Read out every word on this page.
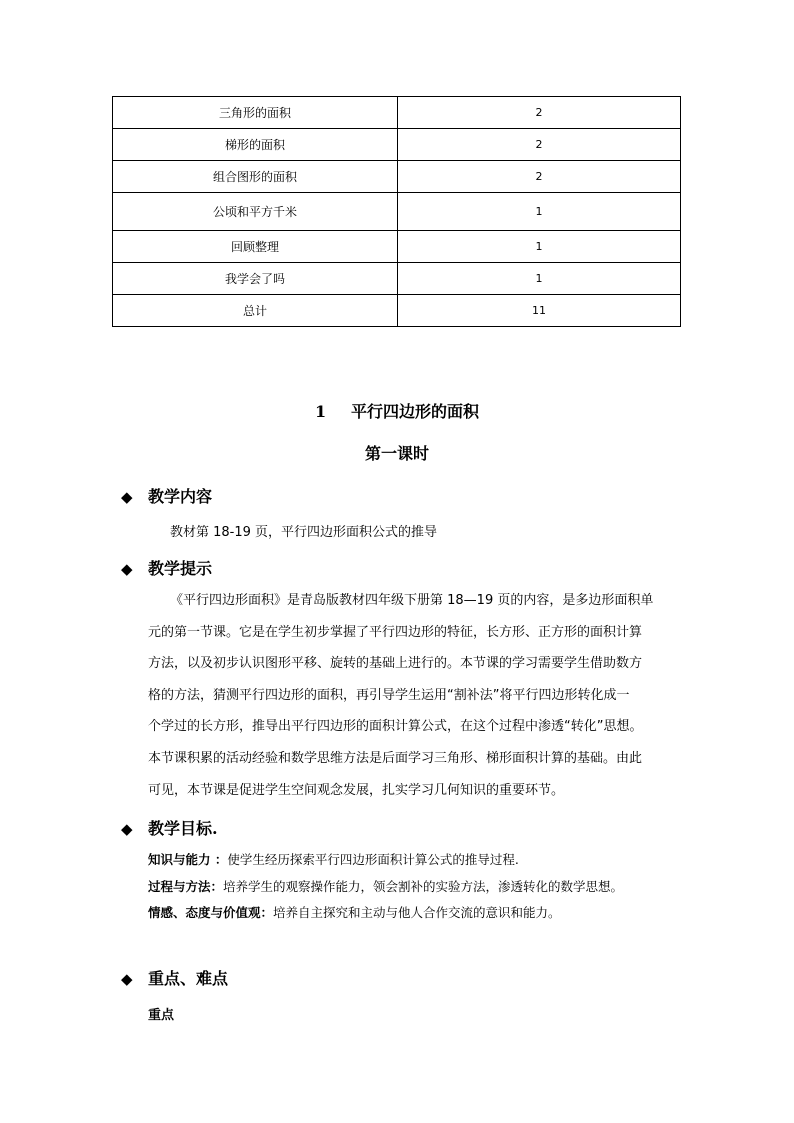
三角形的面积	2
梯形的面积	2
组合图形的面积	2
公顷和平方千米	1
回顾整理	1
我学会了吗	1
总计	11
1 平行四边形的面积
第一课时
◆ 教学内容
教材第 18-19 页，平行四边形面积公式的推导
◆ 教学提示
《平行四边形面积》是青岛版教材四年级下册第 18—19 页的内容，是多边形面积单
元的第一节课。它是在学生初步掌握了平行四边形的特征，长方形、正方形的面积计算
方法，以及初步认识图形平移、旋转的基础上进行的。本节课的学习需要学生借助数方
格的方法，猜测平行四边形的面积，再引导学生运用“割补法”将平行四边形转化成一
个学过的长方形，推导出平行四边形的面积计算公式，在这个过程中渗透“转化”思想。
本节课积累的活动经验和数学思维方法是后面学习三角形、梯形面积计算的基础。由此
可见，本节课是促进学生空间观念发展，扎实学习几何知识的重要环节。
◆ 教学目标.
知识与能力 ：使学生经历探索平行四边形面积计算公式的推导过程.
过程与方法：培养学生的观察操作能力，领会割补的实验方法，渗透转化的数学思想。
情感、态度与价值观：培养自主探究和主动与他人合作交流的意识和能力。
◆ 重点、难点
重点
